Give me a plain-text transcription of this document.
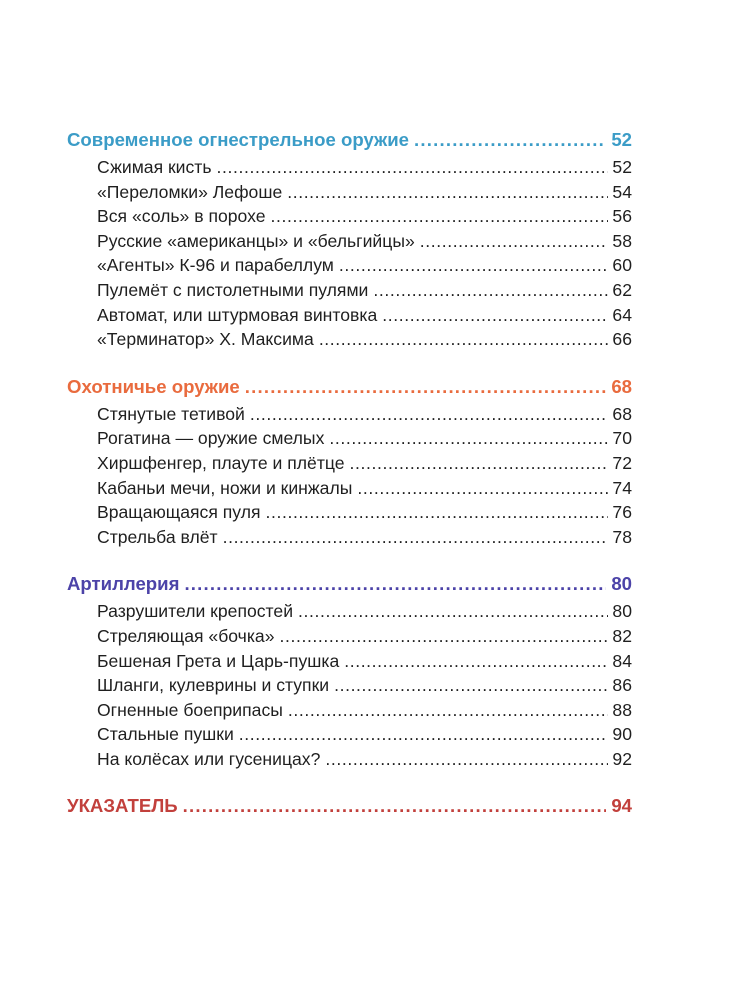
Современное огнестрельное оружие .....	52
Сжимая кисть .....	52
«Переломки» Лефоше .....	54
Вся «соль» в порохе .....	56
Русские «американцы» и «бельгийцы» .....	58
«Агенты» К-96 и парабеллум .....	60
Пулемёт с пистолетными пулями .....	62
Автомат, или штурмовая винтовка .....	64
«Терминатор» Х. Максима .....	66
Охотничье оружие .....	68
Стянутые тетивой .....	68
Рогатина — оружие смелых .....	70
Хиршфенгер, плауте и плётце .....	72
Кабаньи мечи, ножи и кинжалы .....	74
Вращающаяся пуля .....	76
Стрельба влёт .....	78
Артиллерия .....	80
Разрушители крепостей .....	80
Стреляющая «бочка» .....	82
Бешеная Грета и Царь-пушка .....	84
Шланги, кулеврины и ступки .....	86
Огненные боеприпасы .....	88
Стальные пушки .....	90
На колёсах или гусеницах? .....	92
УКАЗАТЕЛЬ .....	94
